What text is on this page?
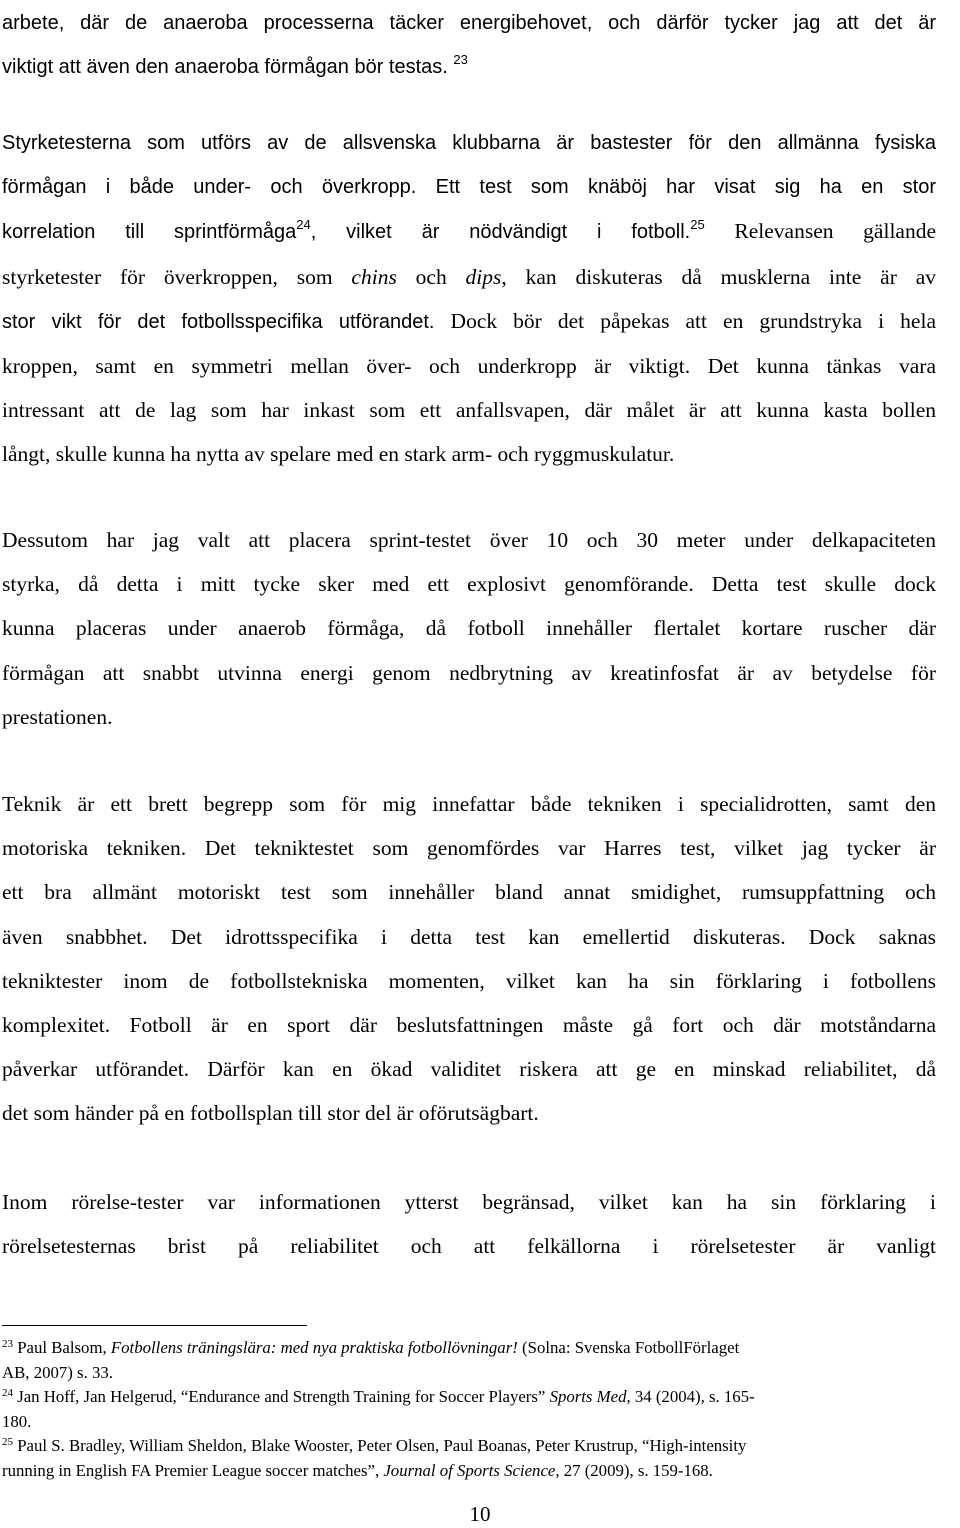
arbete, där de anaeroba processerna täcker energibehovet, och därför tycker jag att det är
viktigt att även den anaeroba förmågan bör testas. $^{23}$

Styrketesterna som utförs av de allsvenska klubbarna är bastester för den allmänna fysiska
förmågan i både under- och överkropp. Ett test som knäböj har visat sig ha en stor
korrelation till sprintförmåga$^{24}$, vilket är nödvändigt i fotboll.$^{25}$ Relevansen gällande
styrketester för överkroppen, som chins och dips, kan diskuteras då musklerna inte är av
stor vikt för det fotbollsspecifika utförandet. Dock bör det påpekas att en grundstryka i hela
kroppen, samt en symmetri mellan över- och underkropp är viktigt. Det kunna tänkas vara
intressant att de lag som har inkast som ett anfallsvapen, där målet är att kunna kasta bollen
långt, skulle kunna ha nytta av spelare med en stark arm- och ryggmuskulatur.

Dessutom har jag valt att placera sprint-testet över 10 och 30 meter under delkapaciteten
styrka, då detta i mitt tycke sker med ett explosivt genomförande. Detta test skulle dock
kunna placeras under anaerob förmåga, då fotboll innehåller flertalet kortare ruscher där
förmågan att snabbt utvinna energi genom nedbrytning av kreatinfosfat är av betydelse för
prestationen.

Teknik är ett brett begrepp som för mig innefattar både tekniken i specialidrotten, samt den
motoriska tekniken. Det tekniktestet som genomfördes var Harres test, vilket jag tycker är
ett bra allmänt motoriskt test som innehåller bland annat smidighet, rumsuppfattning och
även snabbhet. Det idrottsspecifika i detta test kan emellertid diskuteras. Dock saknas
tekniktester inom de fotbollstekniska momenten, vilket kan ha sin förklaring i fotbollens
komplexitet. Fotboll är en sport där beslutsfattningen måste gå fort och där motståndarna
påverkar utförandet. Därför kan en ökad validitet riskera att ge en minskad reliabilitet, då
det som händer på en fotbollsplan till stor del är oförutsägbart.

Inom rörelse-tester var informationen ytterst begränsad, vilket kan ha sin förklaring i
rörelsetesternas brist på reliabilitet och att felkällorna i rörelsetester är vanligt

$^{23}$ Paul Balsom, Fotbollens träningslära: med nya praktiska fotbollövningar! (Solna: Svenska FotbollFörlaget
AB, 2007) s. 33.

$^{24}$ Jan Hoff, Jan Helgerud, “Endurance and Strength Training for Soccer Players” Sports Med, 34 (2004), s. 165-
180.

$^{25}$ Paul S. Bradley, William Sheldon, Blake Wooster, Peter Olsen, Paul Boanas, Peter Krustrup, “High-intensity
running in English FA Premier League soccer matches”, Journal of Sports Science, 27 (2009), s. 159-168.

10
